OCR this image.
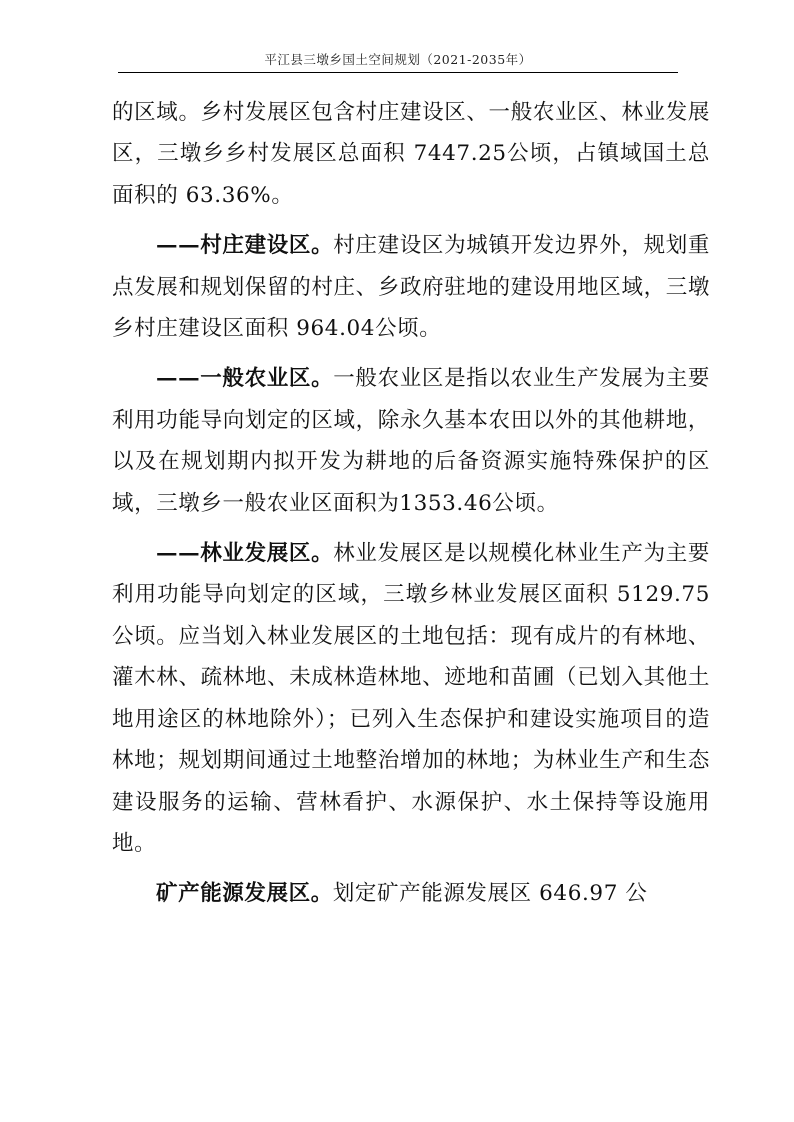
平江县三墩乡国土空间规划（2021-2035年）

的区域。乡村发展区包含村庄建设区、一般农业区、林业发展区，三墩乡乡村发展区总面积 7447.25公顷，占镇域国土总面积的 63.36%。

——村庄建设区。村庄建设区为城镇开发边界外，规划重点发展和规划保留的村庄、乡政府驻地的建设用地区域，三墩乡村庄建设区面积 964.04公顷。

——一般农业区。一般农业区是指以农业生产发展为主要利用功能导向划定的区域，除永久基本农田以外的其他耕地，以及在规划期内拟开发为耕地的后备资源实施特殊保护的区域，三墩乡一般农业区面积为1353.46公顷。

——林业发展区。林业发展区是以规模化林业生产为主要利用功能导向划定的区域，三墩乡林业发展区面积 5129.75 公顷。应当划入林业发展区的土地包括：现有成片的有林地、灌木林、疏林地、未成林造林地、迹地和苗圃（已划入其他土地用途区的林地除外）；已列入生态保护和建设实施项目的造林地；规划期间通过土地整治增加的林地；为林业生产和生态建设服务的运输、营林看护、水源保护、水土保持等设施用地。

矿产能源发展区。划定矿产能源发展区 646.97 公
